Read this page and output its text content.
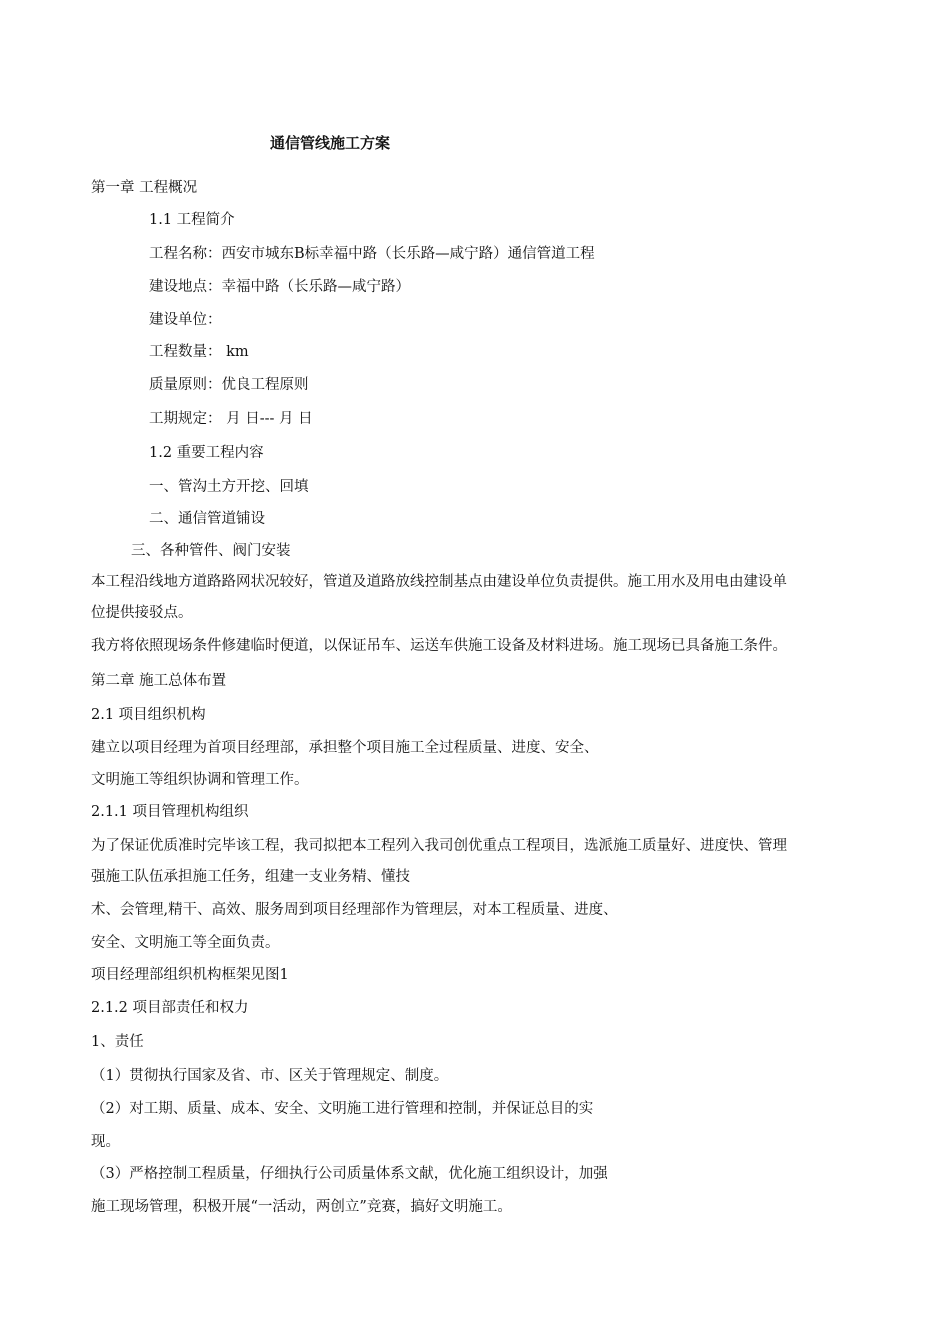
通信管线施工方案
第一章 工程概况
1.1 工程简介
工程名称：西安市城东B标幸福中路（长乐路—咸宁路）通信管道工程
建设地点：幸福中路（长乐路—咸宁路）
建设单位：
工程数量： km
质量原则：优良工程原则
工期规定： 月 日--- 月 日
1.2 重要工程内容
一、管沟土方开挖、回填
二、通信管道铺设
三、各种管件、阀门安装
本工程沿线地方道路路网状况较好，管道及道路放线控制基点由建设单位负责提供。施工用水及用电由建设单
位提供接驳点。
我方将依照现场条件修建临时便道，以保证吊车、运送车供施工设备及材料进场。施工现场已具备施工条件。
第二章 施工总体布置
2.1 项目组织机构
建立以项目经理为首项目经理部，承担整个项目施工全过程质量、进度、安全、
文明施工等组织协调和管理工作。
2.1.1 项目管理机构组织
为了保证优质准时完毕该工程，我司拟把本工程列入我司创优重点工程项目，选派施工质量好、进度快、管理
强施工队伍承担施工任务，组建一支业务精、懂技
术、会管理,精干、高效、服务周到项目经理部作为管理层，对本工程质量、进度、
安全、文明施工等全面负责。
项目经理部组织机构框架见图1
2.1.2 项目部责任和权力
1、责任
（1）贯彻执行国家及省、市、区关于管理规定、制度。
（2）对工期、质量、成本、安全、文明施工进行管理和控制，并保证总目的实
现。
（3）严格控制工程质量，仔细执行公司质量体系文献，优化施工组织设计，加强
施工现场管理，积极开展“一活动，两创立”竞赛，搞好文明施工。
